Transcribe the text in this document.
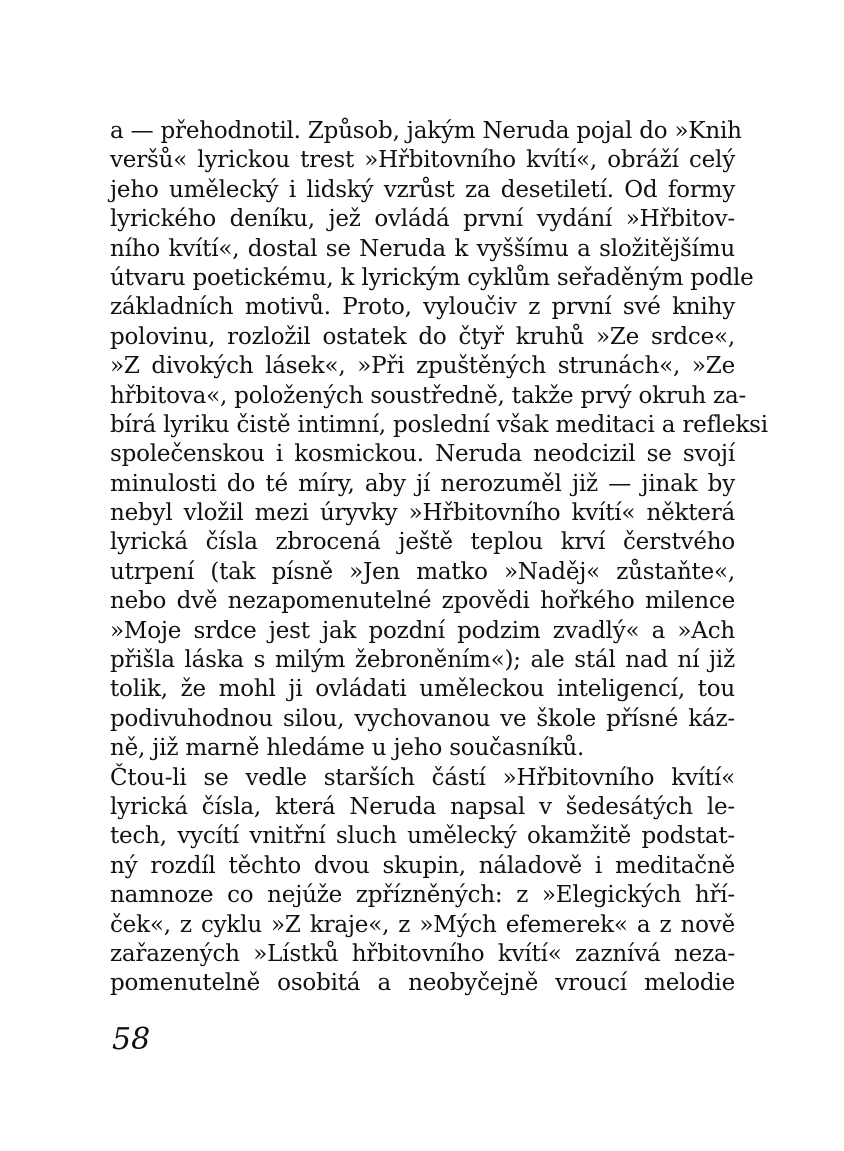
a — přehodnotil. Způsob, jakým Neruda pojal do »Knih
veršů« lyrickou trest »Hřbitovního kvítí«, obráží celý
jeho umělecký i lidský vzrůst za desetiletí. Od formy
lyrického deníku, jež ovládá první vydání »Hřbitov-
ního kvítí«, dostal se Neruda k vyššímu a složitějšímu
útvaru poetickému, k lyrickým cyklům seřaděným podle
základních motivů. Proto, vyloučiv z první své knihy
polovinu, rozložil ostatek do čtyř kruhů »Ze srdce«,
»Z divokých lásek«, »Při zpuštěných strunách«, »Ze
hřbitova«, položených soustředně, takže prvý okruh za-
bírá lyriku čistě intimní, poslední však meditaci a refleksi
společenskou i kosmickou. Neruda neodcizil se svojí
minulosti do té míry, aby jí nerozuměl již — jinak by
nebyl vložil mezi úryvky »Hřbitovního kvítí« některá
lyrická čísla zbrocená ještě teplou krví čerstvého
utrpení (tak písně »Jen matko »Naděj« zůstaňte«,
nebo dvě nezapomenutelné zpovědi hořkého milence
»Moje srdce jest jak pozdní podzim zvadlý« a »Ach
přišla láska s milým žebroněním«); ale stál nad ní již
tolik, že mohl ji ovládati uměleckou inteligencí, tou
podivuhodnou silou, vychovanou ve škole přísné káz-
ně, již marně hledáme u jeho současníků.
Čtou-li se vedle starších částí »Hřbitovního kvítí«
lyrická čísla, která Neruda napsal v šedesátých le-
tech, vycítí vnitřní sluch umělecký okamžitě podstat-
ný rozdíl těchto dvou skupin, náladově i meditačně
namnoze co nejúže zpřízněných: z »Elegických hří-
ček«, z cyklu »Z kraje«, z »Mých efemerek« a z nově
zařazených »Lístků hřbitovního kvítí« zaznívá neza-
pomenutelně osobitá a neobyčejně vroucí melodie
58
